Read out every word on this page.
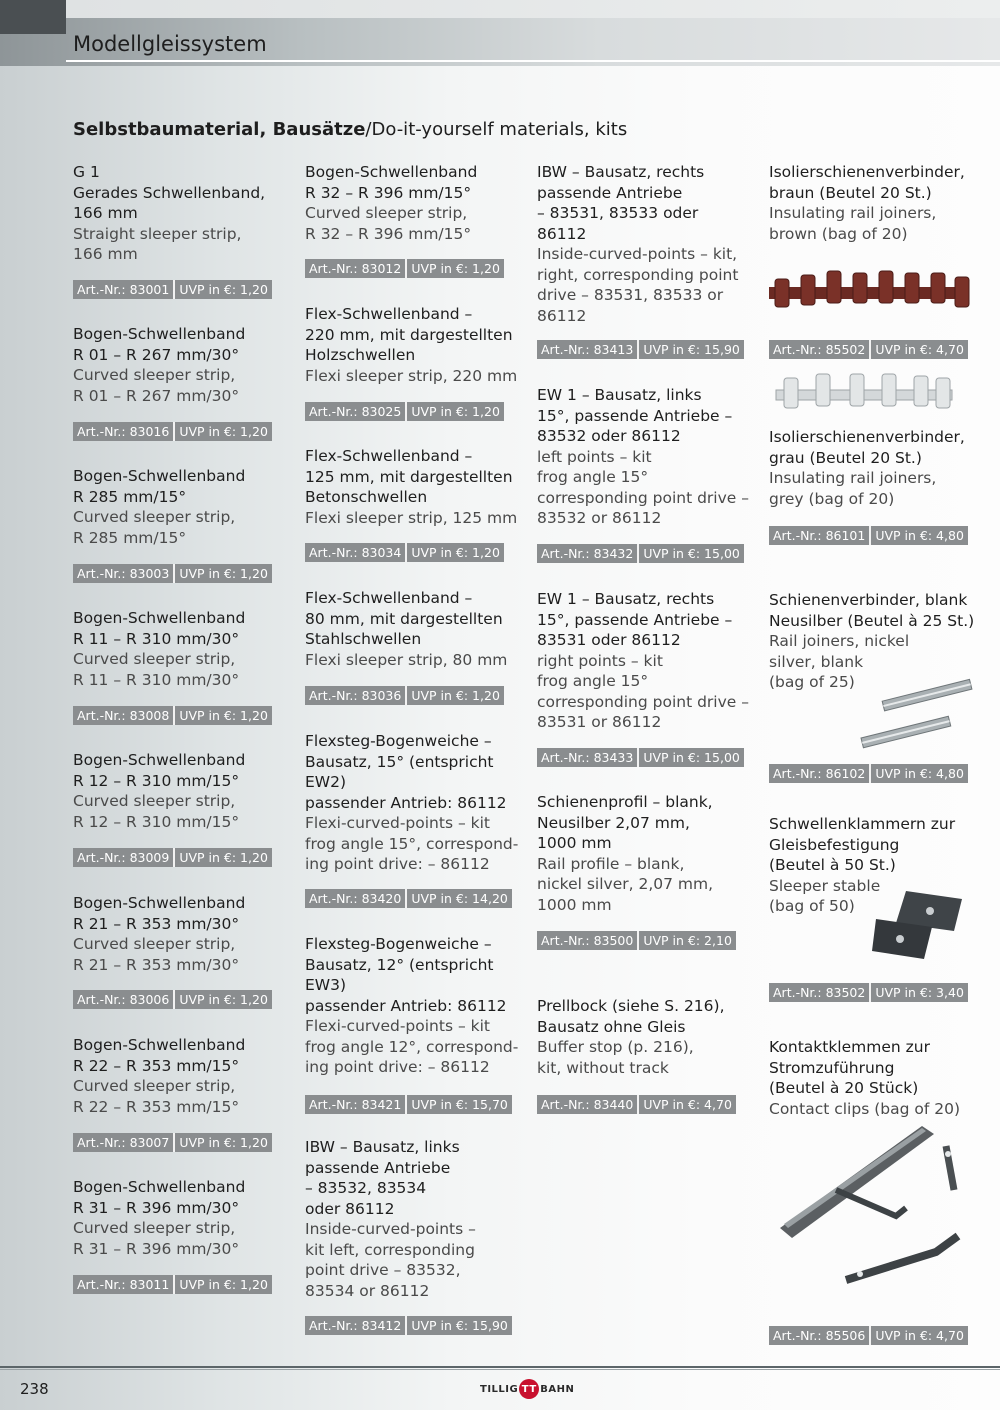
Modellgleissystem
Selbstbaumaterial, Bausätze/Do-it-yourself materials, kits
G 1
Gerades Schwellenband,
166 mm
Straight sleeper strip,
166 mm
Art.-Nr.: 83001 UVP in €: 1,20
Bogen-Schwellenband
R 01 – R 267 mm/30°
Curved sleeper strip,
R 01 – R 267 mm/30°
Art.-Nr.: 83016 UVP in €: 1,20
Bogen-Schwellenband
R 285 mm/15°
Curved sleeper strip,
R 285 mm/15°
Art.-Nr.: 83003 UVP in €: 1,20
Bogen-Schwellenband
R 11 – R 310 mm/30°
Curved sleeper strip,
R 11 – R 310 mm/30°
Art.-Nr.: 83008 UVP in €: 1,20
Bogen-Schwellenband
R 12 – R 310 mm/15°
Curved sleeper strip,
R 12 – R 310 mm/15°
Art.-Nr.: 83009 UVP in €: 1,20
Bogen-Schwellenband
R 21 – R 353 mm/30°
Curved sleeper strip,
R 21 – R 353 mm/30°
Art.-Nr.: 83006 UVP in €: 1,20
Bogen-Schwellenband
R 22 – R 353 mm/15°
Curved sleeper strip,
R 22 – R 353 mm/15°
Art.-Nr.: 83007 UVP in €: 1,20
Bogen-Schwellenband
R 31 – R 396 mm/30°
Curved sleeper strip,
R 31 – R 396 mm/30°
Art.-Nr.: 83011 UVP in €: 1,20
Bogen-Schwellenband
R 32 – R 396 mm/15°
Curved sleeper strip,
R 32 – R 396 mm/15°
Art.-Nr.: 83012 UVP in €: 1,20
Flex-Schwellenband –
220 mm, mit dargestellten
Holzschwellen
Flexi sleeper strip, 220 mm
Art.-Nr.: 83025 UVP in €: 1,20
Flex-Schwellenband –
125 mm, mit dargestellten
Betonschwellen
Flexi sleeper strip, 125 mm
Art.-Nr.: 83034 UVP in €: 1,20
Flex-Schwellenband –
80 mm, mit dargestellten
Stahlschwellen
Flexi sleeper strip, 80 mm
Art.-Nr.: 83036 UVP in €: 1,20
Flexsteg-Bogenweiche –
Bausatz, 15° (entspricht
EW2)
passender Antrieb: 86112
Flexi-curved-points – kit
frog angle 15°, correspond-
ing point drive: – 86112
Art.-Nr.: 83420 UVP in €: 14,20
Flexsteg-Bogenweiche –
Bausatz, 12° (entspricht
EW3)
passender Antrieb: 86112
Flexi-curved-points – kit
frog angle 12°, correspond-
ing point drive: – 86112
Art.-Nr.: 83421 UVP in €: 15,70
IBW – Bausatz, links
passende Antriebe
– 83532, 83534
oder 86112
Inside-curved-points –
kit left, corresponding
point drive – 83532,
83534 or 86112
Art.-Nr.: 83412 UVP in €: 15,90
IBW – Bausatz, rechts
passende Antriebe
– 83531, 83533 oder
86112
Inside-curved-points – kit,
right, corresponding point
drive – 83531, 83533 or
86112
Art.-Nr.: 83413 UVP in €: 15,90
EW 1 – Bausatz, links
15°, passende Antriebe –
83532 oder 86112
left points – kit
frog angle 15°
corresponding point drive –
83532 or 86112
Art.-Nr.: 83432 UVP in €: 15,00
EW 1 – Bausatz, rechts
15°, passende Antriebe –
83531 oder 86112
right points – kit
frog angle 15°
corresponding point drive –
83531 or 86112
Art.-Nr.: 83433 UVP in €: 15,00
Schienenprofil – blank,
Neusilber 2,07 mm,
1000 mm
Rail profile – blank,
nickel silver, 2,07 mm,
1000 mm
Art.-Nr.: 83500 UVP in €: 2,10
Prellbock (siehe S. 216),
Bausatz ohne Gleis
Buffer stop (p. 216),
kit, without track
Art.-Nr.: 83440 UVP in €: 4,70
Isolierschienenverbinder,
braun (Beutel 20 St.)
Insulating rail joiners,
brown (bag of 20)
Art.-Nr.: 85502 UVP in €: 4,70
Isolierschienenverbinder,
grau (Beutel 20 St.)
Insulating rail joiners,
grey (bag of 20)
Art.-Nr.: 86101 UVP in €: 4,80
Schienenverbinder, blank
Neusilber (Beutel à 25 St.)
Rail joiners, nickel
silver, blank
(bag of 25)
Art.-Nr.: 86102 UVP in €: 4,80
Schwellenklammern zur
Gleisbefestigung
(Beutel à 50 St.)
Sleeper stable
(bag of 50)
Art.-Nr.: 83502 UVP in €: 3,40
Kontaktklemmen zur
Stromzuführung
(Beutel à 20 Stück)
Contact clips (bag of 20)
Art.-Nr.: 85506 UVP in €: 4,70
238	TILLIG TT BAHN
